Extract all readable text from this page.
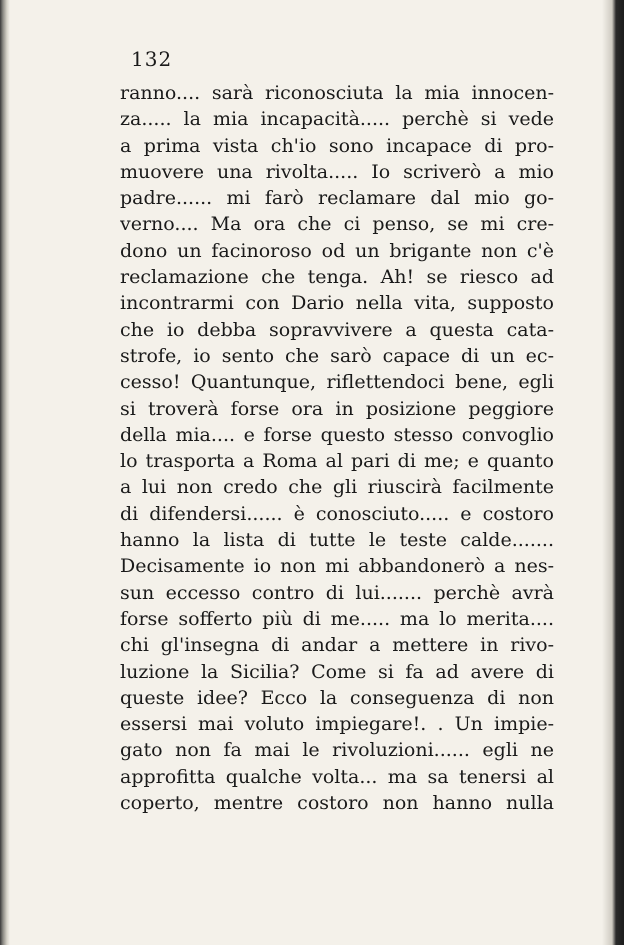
132
ranno.... sarà riconosciuta la mia innocen-
za..... la mia incapacità..... perchè si vede
a prima vista ch'io sono incapace di pro-
muovere una rivolta..... Io scriverò a mio
padre...... mi farò reclamare dal mio go-
verno.... Ma ora che ci penso, se mi cre-
dono un facinoroso od un brigante non c'è
reclamazione che tenga. Ah! se riesco ad
incontrarmi con Dario nella vita, supposto
che io debba sopravvivere a questa cata-
strofe, io sento che sarò capace di un ec-
cesso! Quantunque, riflettendoci bene, egli
si troverà forse ora in posizione peggiore
della mia.... e forse questo stesso convoglio
lo trasporta a Roma al pari di me; e quanto
a lui non credo che gli riuscirà facilmente
di difendersi...... è conosciuto..... e costoro
hanno la lista di tutte le teste calde.......
Decisamente io non mi abbandonerò a nes-
sun eccesso contro di lui....... perchè avrà
forse sofferto più di me..... ma lo merita....
chi gl'insegna di andar a mettere in rivo-
luzione la Sicilia? Come si fa ad avere di
queste idee? Ecco la conseguenza di non
essersi mai voluto impiegare!. . Un impie-
gato non fa mai le rivoluzioni...... egli ne
approfitta qualche volta... ma sa tenersi al
coperto, mentre costoro non hanno nulla
